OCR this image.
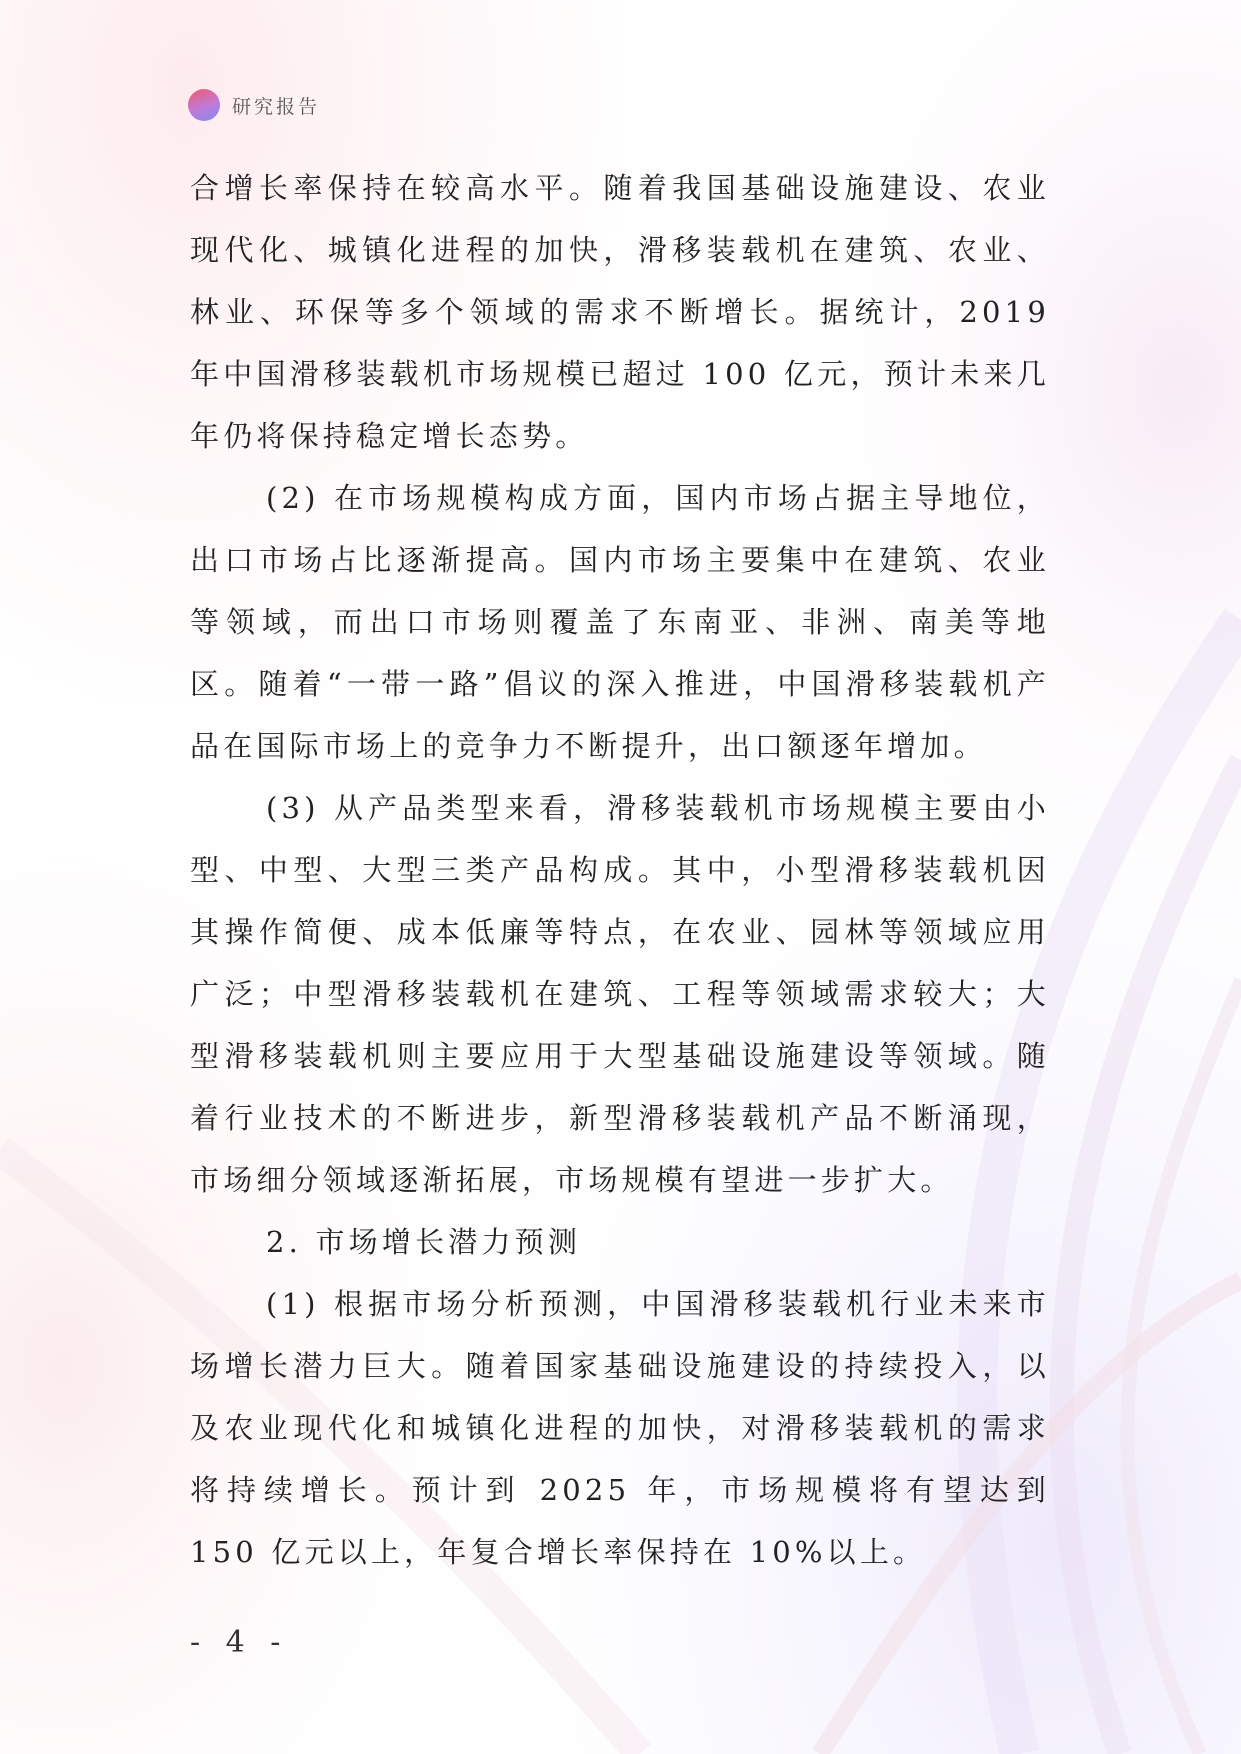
研究报告

合增长率保持在较高水平。随着我国基础设施建设、农业现代化、城镇化进程的加快，滑移装载机在建筑、农业、林业、环保等多个领域的需求不断增长。据统计，2019 年中国滑移装载机市场规模已超过 100 亿元，预计未来几年仍将保持稳定增长态势。

(2) 在市场规模构成方面，国内市场占据主导地位，出口市场占比逐渐提高。国内市场主要集中在建筑、农业等领域，而出口市场则覆盖了东南亚、非洲、南美等地区。随着“一带一路”倡议的深入推进，中国滑移装载机产品在国际市场上的竞争力不断提升，出口额逐年增加。

(3) 从产品类型来看，滑移装载机市场规模主要由小型、中型、大型三类产品构成。其中，小型滑移装载机因其操作简便、成本低廉等特点，在农业、园林等领域应用广泛；中型滑移装载机在建筑、工程等领域需求较大；大型滑移装载机则主要应用于大型基础设施建设等领域。随着行业技术的不断进步，新型滑移装载机产品不断涌现，市场细分领域逐渐拓展，市场规模有望进一步扩大。

2. 市场增长潜力预测

(1) 根据市场分析预测，中国滑移装载机行业未来市场增长潜力巨大。随着国家基础设施建设的持续投入，以及农业现代化和城镇化进程的加快，对滑移装载机的需求将持续增长。预计到 2025 年，市场规模将有望达到 150 亿元以上，年复合增长率保持在 10%以上。

- 4 -
